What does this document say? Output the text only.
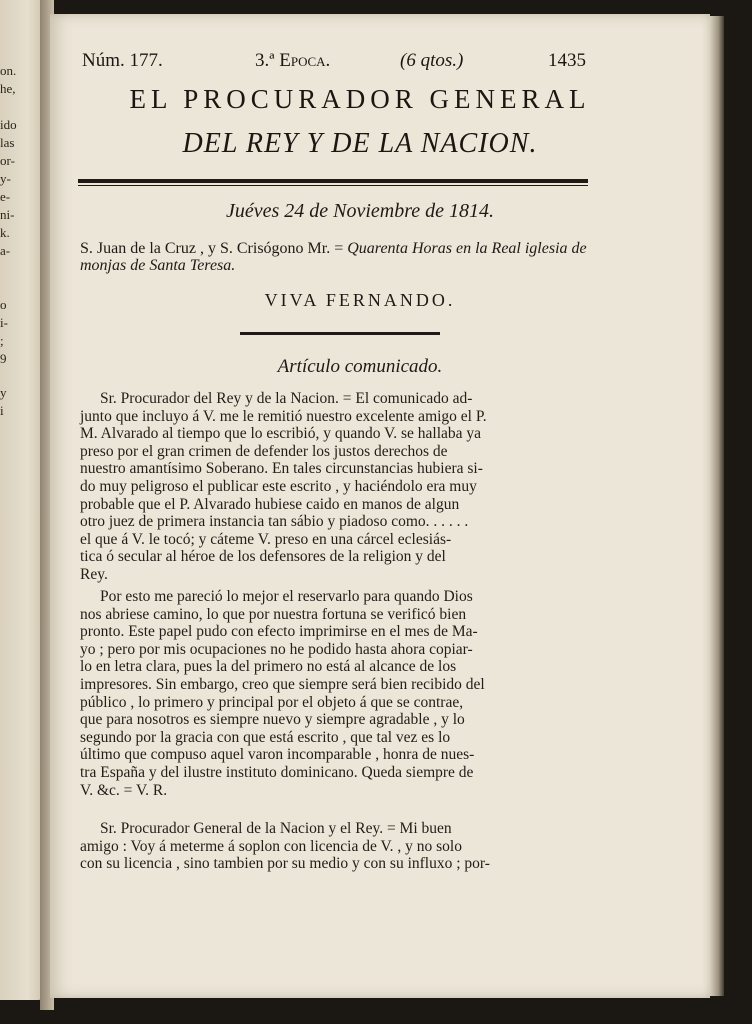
on.
he,
ido
las
or-
y-
e-
ni-
k.
a-
o
i-
;
9
y
i
Núm. 177.	3.ª Epoca.	(6 qtos.)	1435
EL PROCURADOR GENERAL
DEL REY Y DE LA NACION.
Juéves 24 de Noviembre de 1814.
S. Juan de la Cruz , y S. Crisógono Mr. = Quarenta Horas en la Real iglesia de monjas de Santa Teresa.
VIVA FERNANDO.
Artículo comunicado.
Sr. Procurador del Rey y de la Nacion. = El comunicado ad-
junto que incluyo á V. me le remitió nuestro excelente amigo el P.
M. Alvarado al tiempo que lo escribió, y quando V. se hallaba ya
preso por el gran crimen de defender los justos derechos de
nuestro amantísimo Soberano. En tales circunstancias hubiera si-
do muy peligroso el publicar este escrito , y haciéndolo era muy
probable que el P. Alvarado hubiese caido en manos de algun
otro juez de primera instancia tan sábio y piadoso como. . . . . .
el que á V. le tocó; y cáteme V. preso en una cárcel eclesiás-
tica ó secular al héroe de los defensores de la religion y del
Rey.
Por esto me pareció lo mejor el reservarlo para quando Dios
nos abriese camino, lo que por nuestra fortuna se verificó bien
pronto. Este papel pudo con efecto imprimirse en el mes de Ma-
yo ; pero por mis ocupaciones no he podido hasta ahora copiar-
lo en letra clara, pues la del primero no está al alcance de los
impresores. Sin embargo, creo que siempre será bien recibido del
público , lo primero y principal por el objeto á que se contrae,
que para nosotros es siempre nuevo y siempre agradable , y lo
segundo por la gracia con que está escrito , que tal vez es lo
último que compuso aquel varon incomparable , honra de nues-
tra España y del ilustre instituto dominicano. Queda siempre de
V. &c. = V. R.
Sr. Procurador General de la Nacion y el Rey. = Mi buen
amigo : Voy á meterme á soplon con licencia de V. , y no solo
con su licencia , sino tambien por su medio y con su influxo ; por-
